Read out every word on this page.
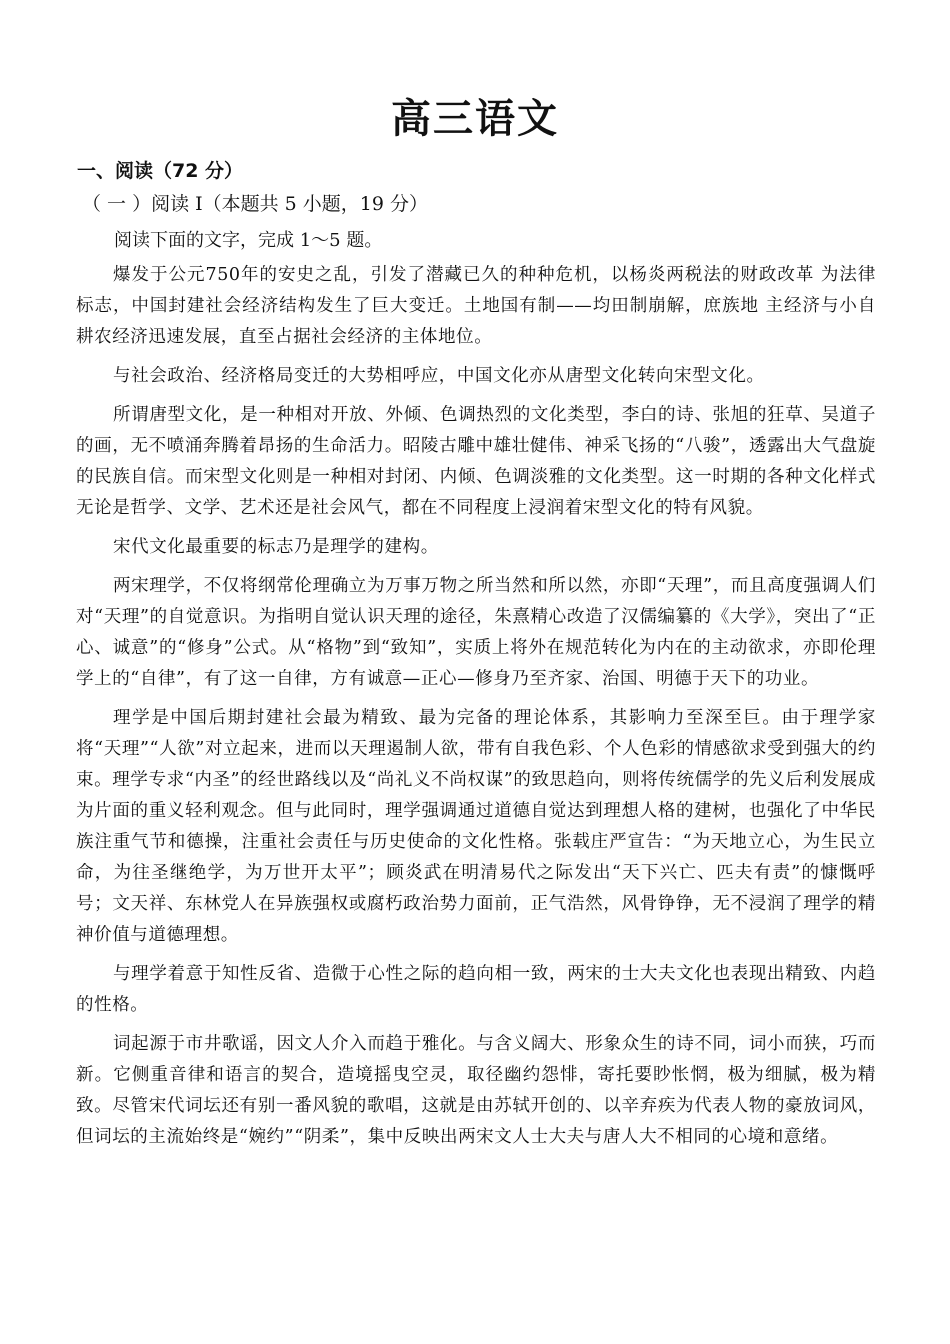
高三语文
一、阅读（72 分）
（ 一 ）阅读 I（本题共 5 小题，19 分）
阅读下面的文字，完成 1～5 题。

爆发于公元750年的安史之乱，引发了潜藏已久的种种危机，以杨炎两税法的财政改革 为法律标志，中国封建社会经济结构发生了巨大变迁。土地国有制——均田制崩解，庶族地 主经济与小自耕农经济迅速发展，直至占据社会经济的主体地位。

与社会政治、经济格局变迁的大势相呼应，中国文化亦从唐型文化转向宋型文化。

所谓唐型文化，是一种相对开放、外倾、色调热烈的文化类型，李白的诗、张旭的狂草、吴道子的画，无不喷涌奔腾着昂扬的生命活力。昭陵古雕中雄壮健伟、神采飞扬的“八骏”，透露出大气盘旋的民族自信。而宋型文化则是一种相对封闭、内倾、色调淡雅的文化类型。这一时期的各种文化样式无论是哲学、文学、艺术还是社会风气，都在不同程度上浸润着宋型文化的特有风貌。

宋代文化最重要的标志乃是理学的建构。

两宋理学，不仅将纲常伦理确立为万事万物之所当然和所以然，亦即“天理”，而且高度强调人们对“天理”的自觉意识。为指明自觉认识天理的途径，朱熹精心改造了汉儒编纂的《大学》，突出了“正心、诚意”的“修身”公式。从“格物”到“致知”，实质上将外在规范转化为内在的主动欲求，亦即伦理学上的“自律”，有了这一自律，方有诚意—正心—修身乃至齐家、治国、明德于天下的功业。

理学是中国后期封建社会最为精致、最为完备的理论体系，其影响力至深至巨。由于理学家将“天理”“人欲”对立起来，进而以天理遏制人欲，带有自我色彩、个人色彩的情感欲求受到强大的约束。理学专求“内圣”的经世路线以及“尚礼义不尚权谋”的致思趋向，则将传统儒学的先义后利发展成为片面的重义轻利观念。但与此同时，理学强调通过道德自觉达到理想人格的建树，也强化了中华民族注重气节和德操，注重社会责任与历史使命的文化性格。张载庄严宣告：“为天地立心，为生民立命，为往圣继绝学，为万世开太平”；顾炎武在明清易代之际发出“天下兴亡、匹夫有责”的慷慨呼号；文天祥、东林党人在异族强权或腐朽政治势力面前，正气浩然，风骨铮铮，无不浸润了理学的精神价值与道德理想。

与理学着意于知性反省、造微于心性之际的趋向相一致，两宋的士大夫文化也表现出精致、内趋的性格。

词起源于市井歌谣，因文人介入而趋于雅化。与含义阔大、形象众生的诗不同，词小而狭，巧而新。它侧重音律和语言的契合，造境摇曳空灵，取径幽约怨悱，寄托要眇怅惘，极为细腻，极为精致。尽管宋代词坛还有别一番风貌的歌唱，这就是由苏轼开创的、以辛弃疾为代表人物的豪放词风，但词坛的主流始终是“婉约”“阴柔”，集中反映出两宋文人士大夫与唐人大不相同的心境和意绪。
